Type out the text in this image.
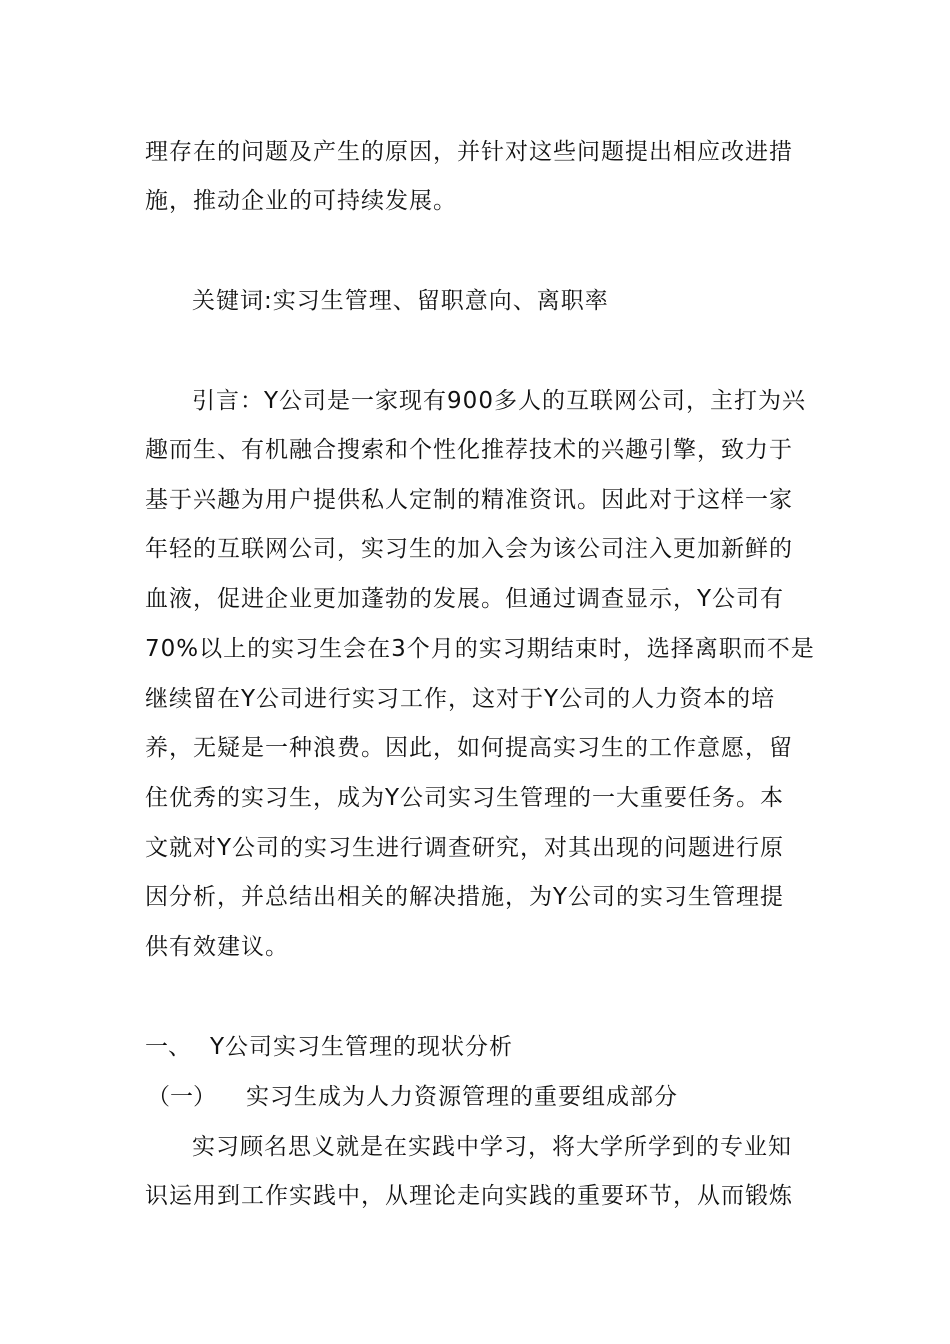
理存在的问题及产生的原因，并针对这些问题提出相应改进措
施，推动企业的可持续发展。
关键词:实习生管理、留职意向、离职率
引言：Y公司是一家现有900多人的互联网公司，主打为兴
趣而生、有机融合搜索和个性化推荐技术的兴趣引擎，致力于
基于兴趣为用户提供私人定制的精准资讯。因此对于这样一家
年轻的互联网公司，实习生的加入会为该公司注入更加新鲜的
血液，促进企业更加蓬勃的发展。但通过调查显示，Y公司有
70%以上的实习生会在3个月的实习期结束时，选择离职而不是
继续留在Y公司进行实习工作，这对于Y公司的人力资本的培
养，无疑是一种浪费。因此，如何提高实习生的工作意愿，留
住优秀的实习生，成为Y公司实习生管理的一大重要任务。本
文就对Y公司的实习生进行调查研究，对其出现的问题进行原
因分析，并总结出相关的解决措施，为Y公司的实习生管理提
供有效建议。
一、 Y公司实习生管理的现状分析
（一） 实习生成为人力资源管理的重要组成部分
实习顾名思义就是在实践中学习，将大学所学到的专业知
识运用到工作实践中，从理论走向实践的重要环节，从而锻炼
